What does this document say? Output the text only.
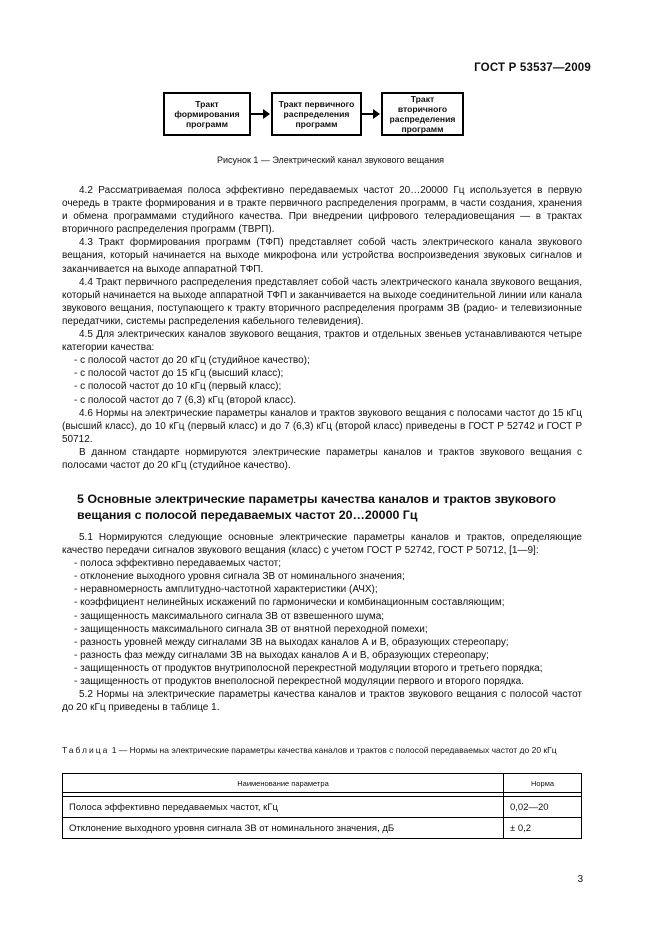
ГОСТ Р 53537—2009
Тракт
формирования
программ
Тракт первичного
распределения
программ
Тракт вторичного
распределения
программ
Рисунок 1 — Электрический канал звукового вещания

4.2 Рассматриваемая полоса эффективно передаваемых частот 20…20000 Гц используется в первую очередь в тракте формирования и в тракте первичного распределения программ, в части создания, хранения и обмена программами студийного качества. При внедрении цифрового телерадиовещания — в трактах вторичного распределения программ (ТВРП).

4.3 Тракт формирования программ (ТФП) представляет собой часть электрического канала звукового вещания, который начинается на выходе микрофона или устройства воспроизведения звуковых сигналов и заканчивается на выходе аппаратной ТФП.

4.4 Тракт первичного распределения представляет собой часть электрического канала звукового вещания, который начинается на выходе аппаратной ТФП и заканчивается на выходе соединительной линии или канала звукового вещания, поступающего к тракту вторичного распределения программ ЗВ (радио- и телевизионные передатчики, системы распределения кабельного телевидения).

4.5 Для электрических каналов звукового вещания, трактов и отдельных звеньев устанавливаются четыре категории качества:

- с полосой частот до 20 кГц (студийное качество);

- с полосой частот до 15 кГц (высший класс);

- с полосой частот до 10 кГц (первый класс);

- с полосой частот до 7 (6,3) кГц (второй класс).

4.6 Нормы на электрические параметры каналов и трактов звукового вещания с полосами частот до 15 кГц (высший класс), до 10 кГц (первый класс) и до 7 (6,3) кГц (второй класс) приведены в ГОСТ Р 52742 и ГОСТ Р 50712.

В данном стандарте нормируются электрические параметры каналов и трактов звукового вещания с полосами частот до 20 кГц (студийное качество).

5 Основные электрические параметры качества каналов и трактов звукового вещания с полосой передаваемых частот 20…20000 Гц

5.1 Нормируются следующие основные электрические параметры каналов и трактов, определяющие качество передачи сигналов звукового вещания (класс) с учетом ГОСТ Р 52742, ГОСТ Р 50712, [1—9]:

- полоса эффективно передаваемых частот;

- отклонение выходного уровня сигнала ЗВ от номинального значения;

- неравномерность амплитудно-частотной характеристики (АЧХ);

- коэффициент нелинейных искажений по гармонически и комбинационным составляющим;

- защищенность максимального сигнала ЗВ от взвешенного шума;

- защищенность максимального сигнала ЗВ от внятной переходной помехи;

- разность уровней между сигналами ЗВ на выходах каналов А и В, образующих стереопару;

- разность фаз между сигналами ЗВ на выходах каналов А и В, образующих стереопару;

- защищенность от продуктов внутриполосной перекрестной модуляции второго и третьего порядка;

- защищенность от продуктов внеполосной перекрестной модуляции первого и второго порядка.

5.2 Нормы на электрические параметры качества каналов и трактов звукового вещания с полосой частот до 20 кГц приведены в таблице 1.

Таблица 1 — Нормы на электрические параметры качества каналов и трактов с полосой передаваемых частот до 20 кГц
Наименование параметра	Норма

Полоса эффективно передаваемых частот, кГц	0,02—20
Отклонение выходного уровня сигнала ЗВ от номинального значения, дБ	± 0,2
3
